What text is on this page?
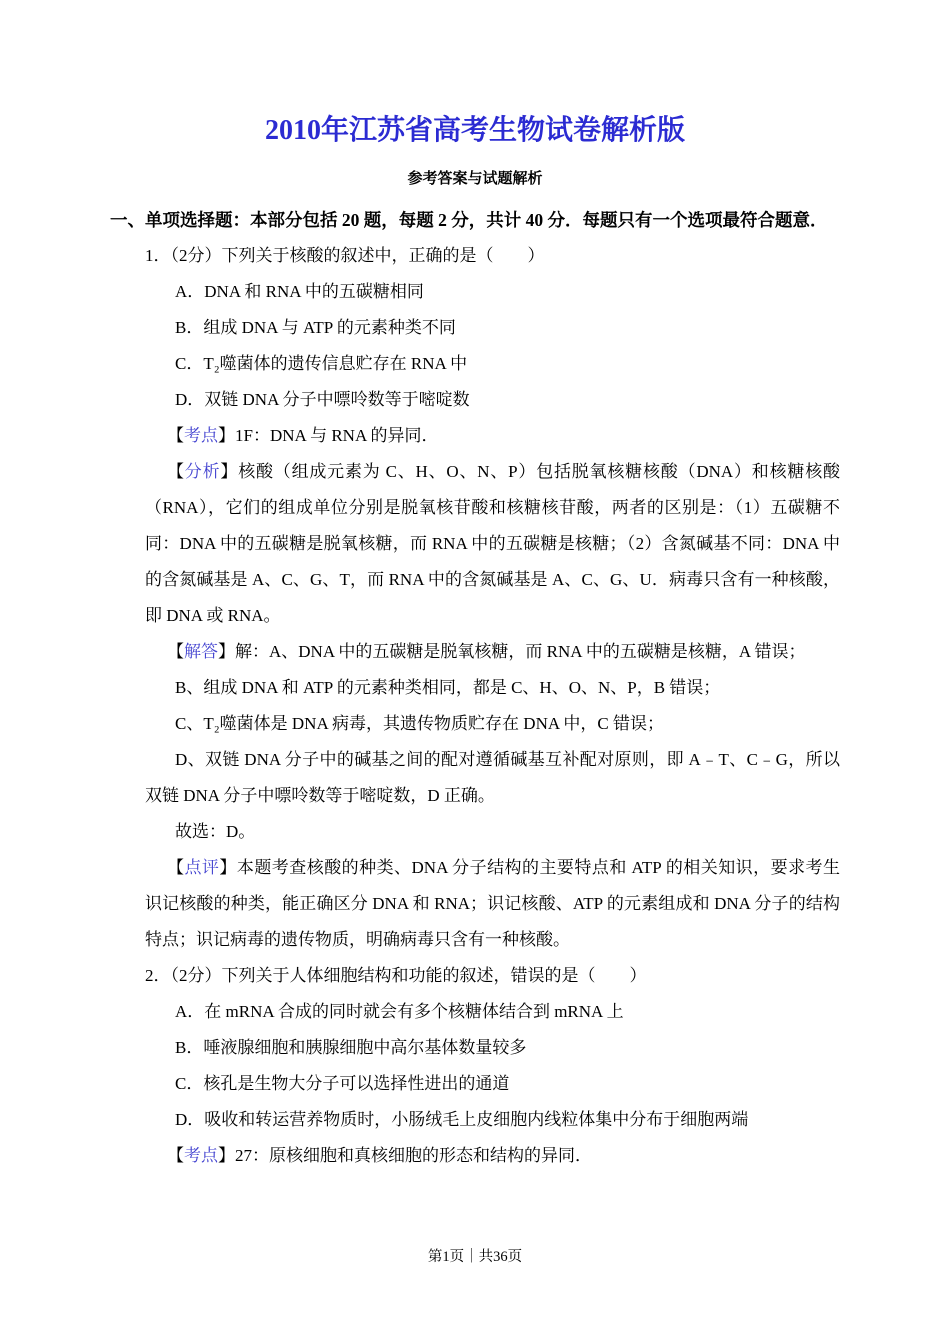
2010年江苏省高考生物试卷解析版
参考答案与试题解析

一、单项选择题：本部分包括 20 题，每题 2 分，共计 40 分．每题只有一个选项最符合题意．

1．（2分）下列关于核酸的叙述中，正确的是（　　）

A．DNA 和 RNA 中的五碳糖相同

B．组成 DNA 与 ATP 的元素种类不同

C．T₂噬菌体的遗传信息贮存在 RNA 中

D．双链 DNA 分子中嘌呤数等于嘧啶数

【考点】1F：DNA 与 RNA 的异同．

【分析】核酸（组成元素为 C、H、O、N、P）包括脱氧核糖核酸（DNA）和核糖核酸（RNA），它们的组成单位分别是脱氧核苷酸和核糖核苷酸，两者的区别是：（1）五碳糖不同：DNA 中的五碳糖是脱氧核糖，而 RNA 中的五碳糖是核糖；（2）含氮碱基不同：DNA 中的含氮碱基是 A、C、G、T，而 RNA 中的含氮碱基是 A、C、G、U．病毒只含有一种核酸，即 DNA 或 RNA。

【解答】解：A、DNA 中的五碳糖是脱氧核糖，而 RNA 中的五碳糖是核糖，A 错误；

B、组成 DNA 和 ATP 的元素种类相同，都是 C、H、O、N、P，B 错误；

C、T₂噬菌体是 DNA 病毒，其遗传物质贮存在 DNA 中，C 错误；

D、双链 DNA 分子中的碱基之间的配对遵循碱基互补配对原则，即 A﹣T、C﹣G，所以双链 DNA 分子中嘌呤数等于嘧啶数，D 正确。

故选：D。

【点评】本题考查核酸的种类、DNA 分子结构的主要特点和 ATP 的相关知识，要求考生识记核酸的种类，能正确区分 DNA 和 RNA；识记核酸、ATP 的元素组成和 DNA 分子的结构特点；识记病毒的遗传物质，明确病毒只含有一种核酸。

2．（2分）下列关于人体细胞结构和功能的叙述，错误的是（　　）

A．在 mRNA 合成的同时就会有多个核糖体结合到 mRNA 上

B．唾液腺细胞和胰腺细胞中高尔基体数量较多

C．核孔是生物大分子可以选择性进出的通道

D．吸收和转运营养物质时，小肠绒毛上皮细胞内线粒体集中分布于细胞两端

【考点】27：原核细胞和真核细胞的形态和结构的异同．

第1页｜共36页
